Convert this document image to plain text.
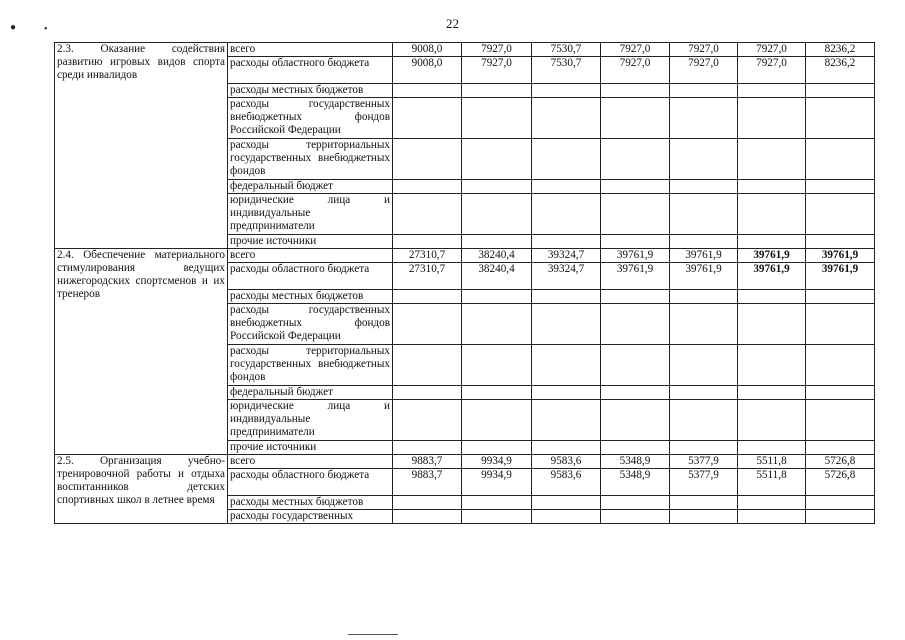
22
●	•
2.3. Оказание содействия развитию игровых видов спорта среди инвалидов	всего	9008,0	7927,0	7530,7	7927,0	7927,0	7927,0	8236,2
	расходы областного бюджета	9008,0	7927,0	7530,7	7927,0	7927,0	7927,0	8236,2
	расходы местных бюджетов							
	расходы государственных внебюджетных фондов Российской Федерации							
	расходы территориальных государственных внебюджетных фондов							
	федеральный бюджет							
	юридические лица и индивидуальные предприниматели							
	прочие источники							
2.4. Обеспечение материального стимулирования ведущих нижегородских спортсменов и их тренеров	всего	27310,7	38240,4	39324,7	39761,9	39761,9	39761,9	39761,9
	расходы областного бюджета	27310,7	38240,4	39324,7	39761,9	39761,9	39761,9	39761,9
	расходы местных бюджетов							
	расходы государственных внебюджетных фондов Российской Федерации							
	расходы территориальных государственных внебюджетных фондов							
	федеральный бюджет							
	юридические лица и индивидуальные предприниматели							
	прочие источники							
2.5. Организация учебно-тренировочной работы и отдыха воспитанников детских спортивных школ в летнее время	всего	9883,7	9934,9	9583,6	5348,9	5377,9	5511,8	5726,8
	расходы областного бюджета	9883,7	9934,9	9583,6	5348,9	5377,9	5511,8	5726,8
	расходы местных бюджетов							
	расходы государственных							
